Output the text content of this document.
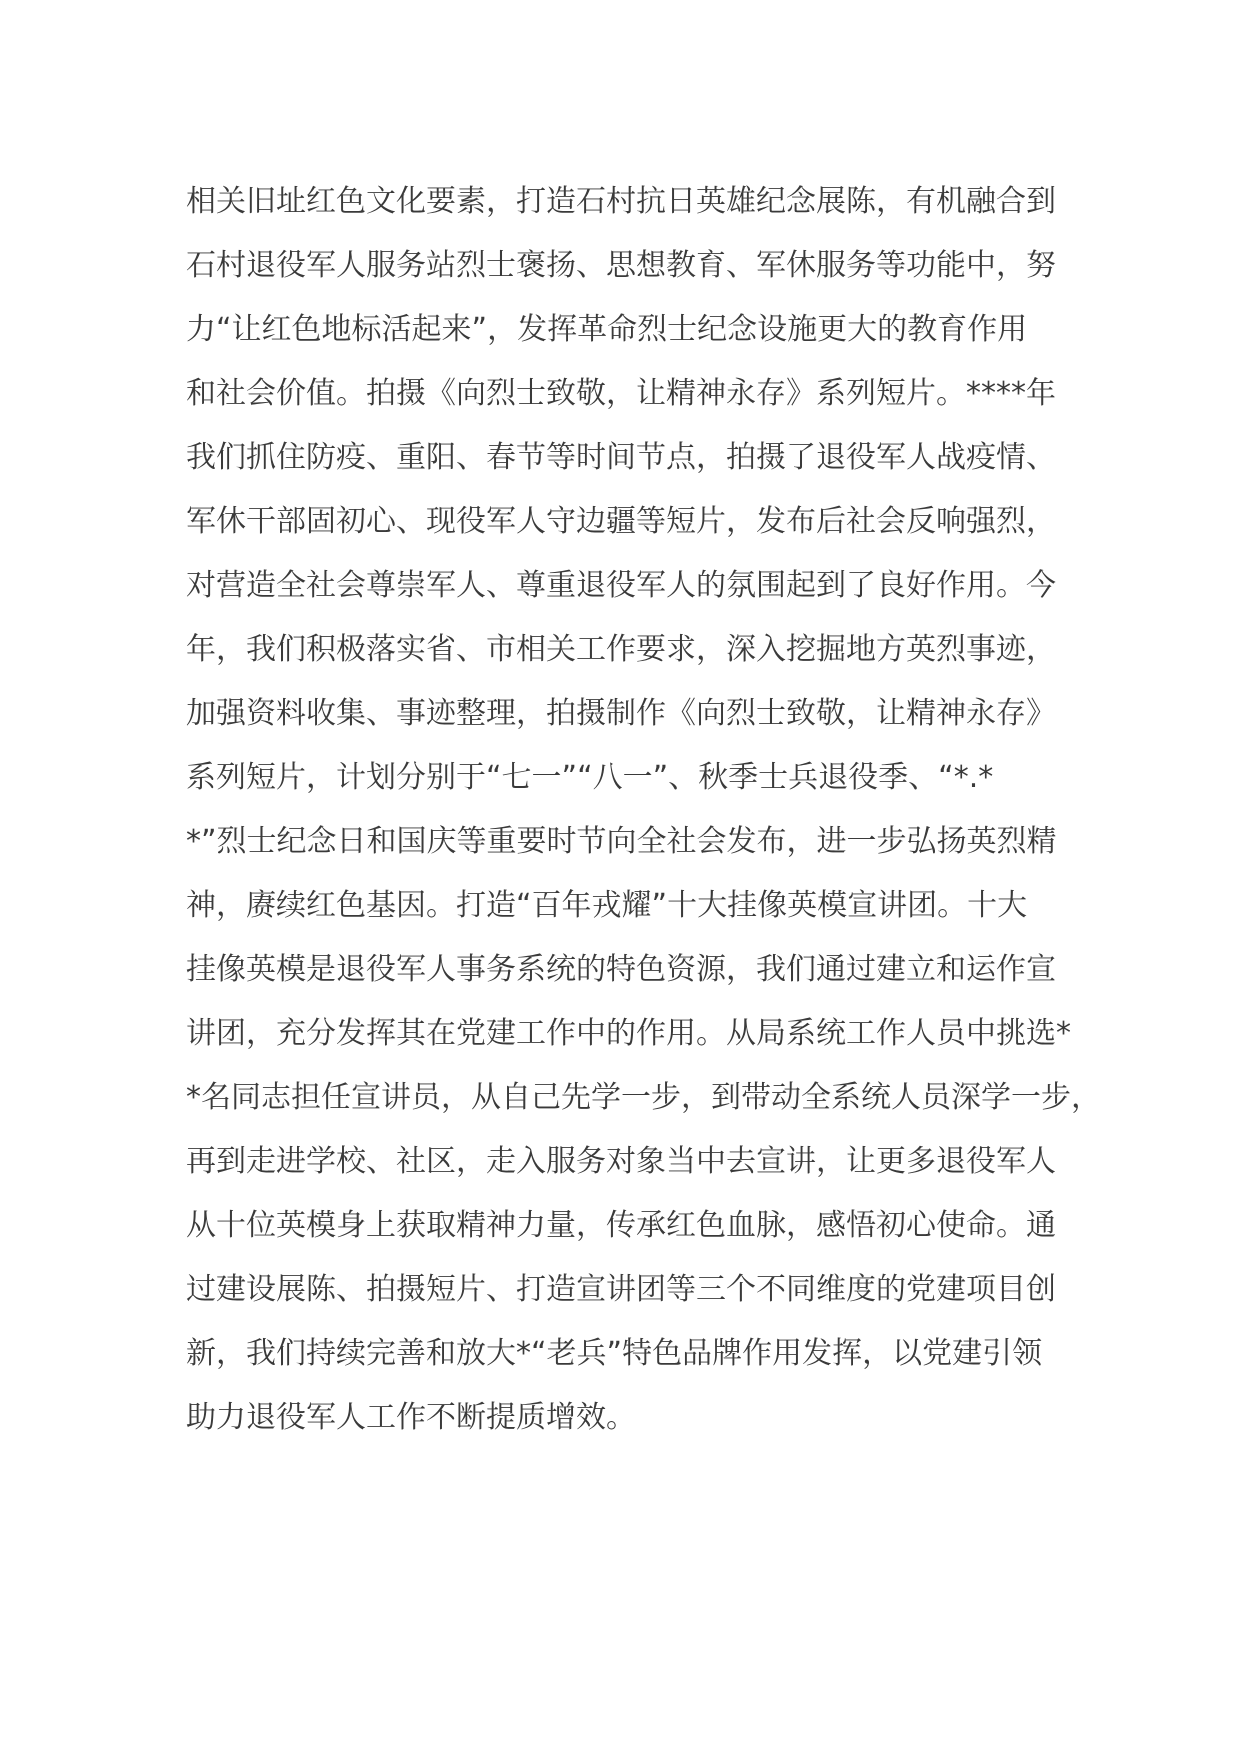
相关旧址红色文化要素，打造石村抗日英雄纪念展陈，有机融合到
石村退役军人服务站烈士褒扬、思想教育、军休服务等功能中，努
力“让红色地标活起来”，发挥革命烈士纪念设施更大的教育作用
和社会价值。拍摄《向烈士致敬，让精神永存》系列短片。****年
我们抓住防疫、重阳、春节等时间节点，拍摄了退役军人战疫情、
军休干部固初心、现役军人守边疆等短片，发布后社会反响强烈，
对营造全社会尊崇军人、尊重退役军人的氛围起到了良好作用。今
年，我们积极落实省、市相关工作要求，深入挖掘地方英烈事迹，
加强资料收集、事迹整理，拍摄制作《向烈士致敬，让精神永存》
系列短片，计划分别于“七一”“八一”、秋季士兵退役季、“*.*
*”烈士纪念日和国庆等重要时节向全社会发布，进一步弘扬英烈精
神，赓续红色基因。打造“百年戎耀”十大挂像英模宣讲团。十大
挂像英模是退役军人事务系统的特色资源，我们通过建立和运作宣
讲团，充分发挥其在党建工作中的作用。从局系统工作人员中挑选*
*名同志担任宣讲员，从自己先学一步，到带动全系统人员深学一步，
再到走进学校、社区，走入服务对象当中去宣讲，让更多退役军人
从十位英模身上获取精神力量，传承红色血脉，感悟初心使命。通
过建设展陈、拍摄短片、打造宣讲团等三个不同维度的党建项目创
新，我们持续完善和放大*“老兵”特色品牌作用发挥，以党建引领
助力退役军人工作不断提质增效。
